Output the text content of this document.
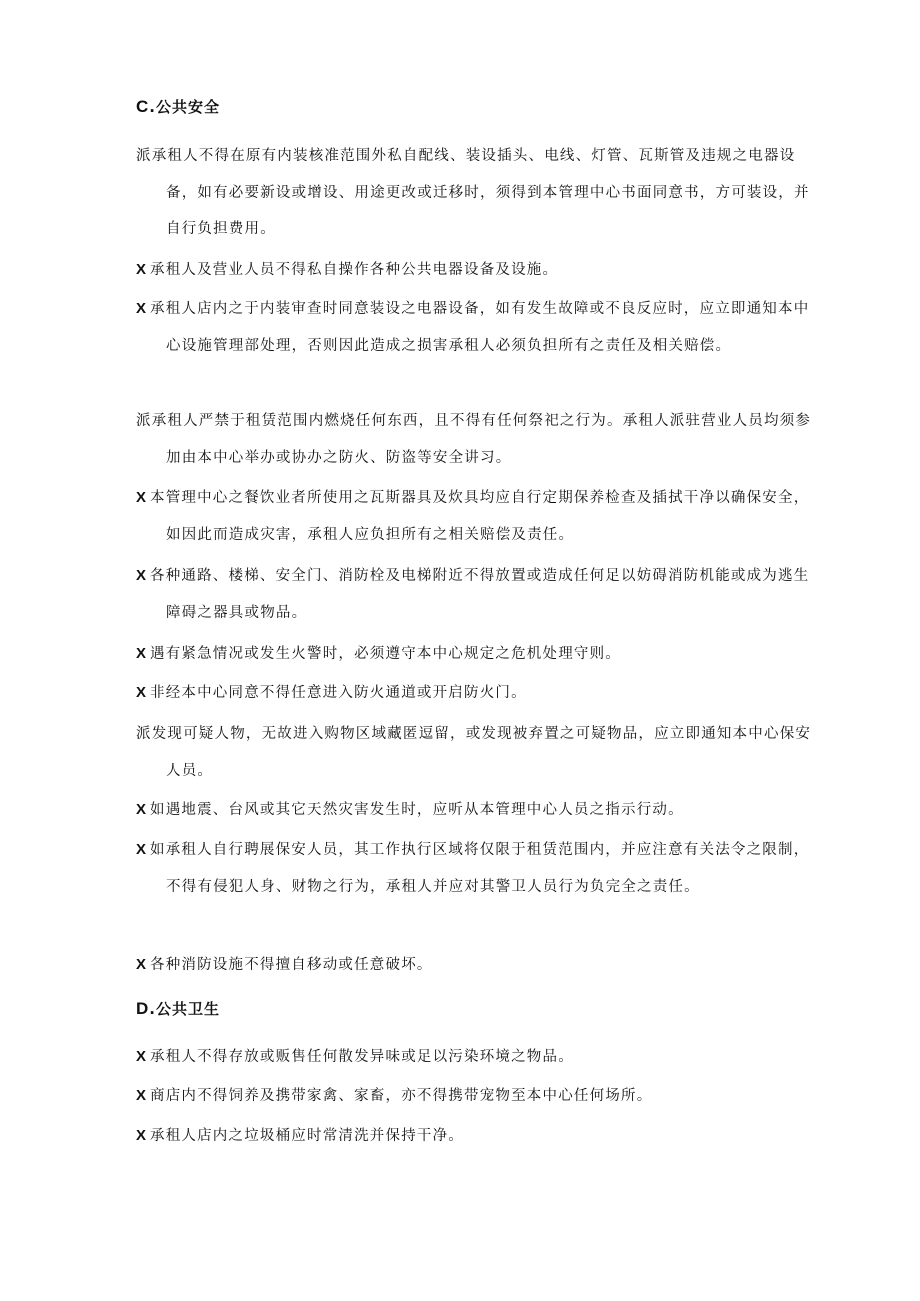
C.公共安全
派承租人不得在原有内装核准范围外私自配线、装设插头、电线、灯管、瓦斯管及违规之电器设备，如有必要新设或增设、用途更改或迁移时，须得到本管理中心书面同意书，方可装设，并自行负担费用。
X 承租人及营业人员不得私自操作各种公共电器设备及设施。
X 承租人店内之于内装审查时同意装设之电器设备，如有发生故障或不良反应时，应立即通知本中心设施管理部处理，否则因此造成之损害承租人必须负担所有之责任及相关赔偿。
派承租人严禁于租赁范围内燃烧任何东西，且不得有任何祭祀之行为。承租人派驻营业人员均须参加由本中心举办或协办之防火、防盗等安全讲习。
X 本管理中心之餐饮业者所使用之瓦斯器具及炊具均应自行定期保养检查及插拭干净以确保安全，如因此而造成灾害，承租人应负担所有之相关赔偿及责任。
X 各种通路、楼梯、安全门、消防栓及电梯附近不得放置或造成任何足以妨碍消防机能或成为逃生障碍之器具或物品。
X 遇有紧急情况或发生火警时，必须遵守本中心规定之危机处理守则。
X 非经本中心同意不得任意进入防火通道或开启防火门。
派发现可疑人物，无故进入购物区域藏匿逗留，或发现被弃置之可疑物品，应立即通知本中心保安人员。
X 如遇地震、台风或其它天然灾害发生时，应听从本管理中心人员之指示行动。
X 如承租人自行聘展保安人员，其工作执行区域将仅限于租赁范围内，并应注意有关法令之限制，不得有侵犯人身、财物之行为，承租人并应对其警卫人员行为负完全之责任。
X 各种消防设施不得擅自移动或任意破坏。
D.公共卫生
X 承租人不得存放或贩售任何散发异味或足以污染环境之物品。
X 商店内不得饲养及携带家禽、家畜，亦不得携带宠物至本中心任何场所。
X 承租人店内之垃圾桶应时常清洗并保持干净。
